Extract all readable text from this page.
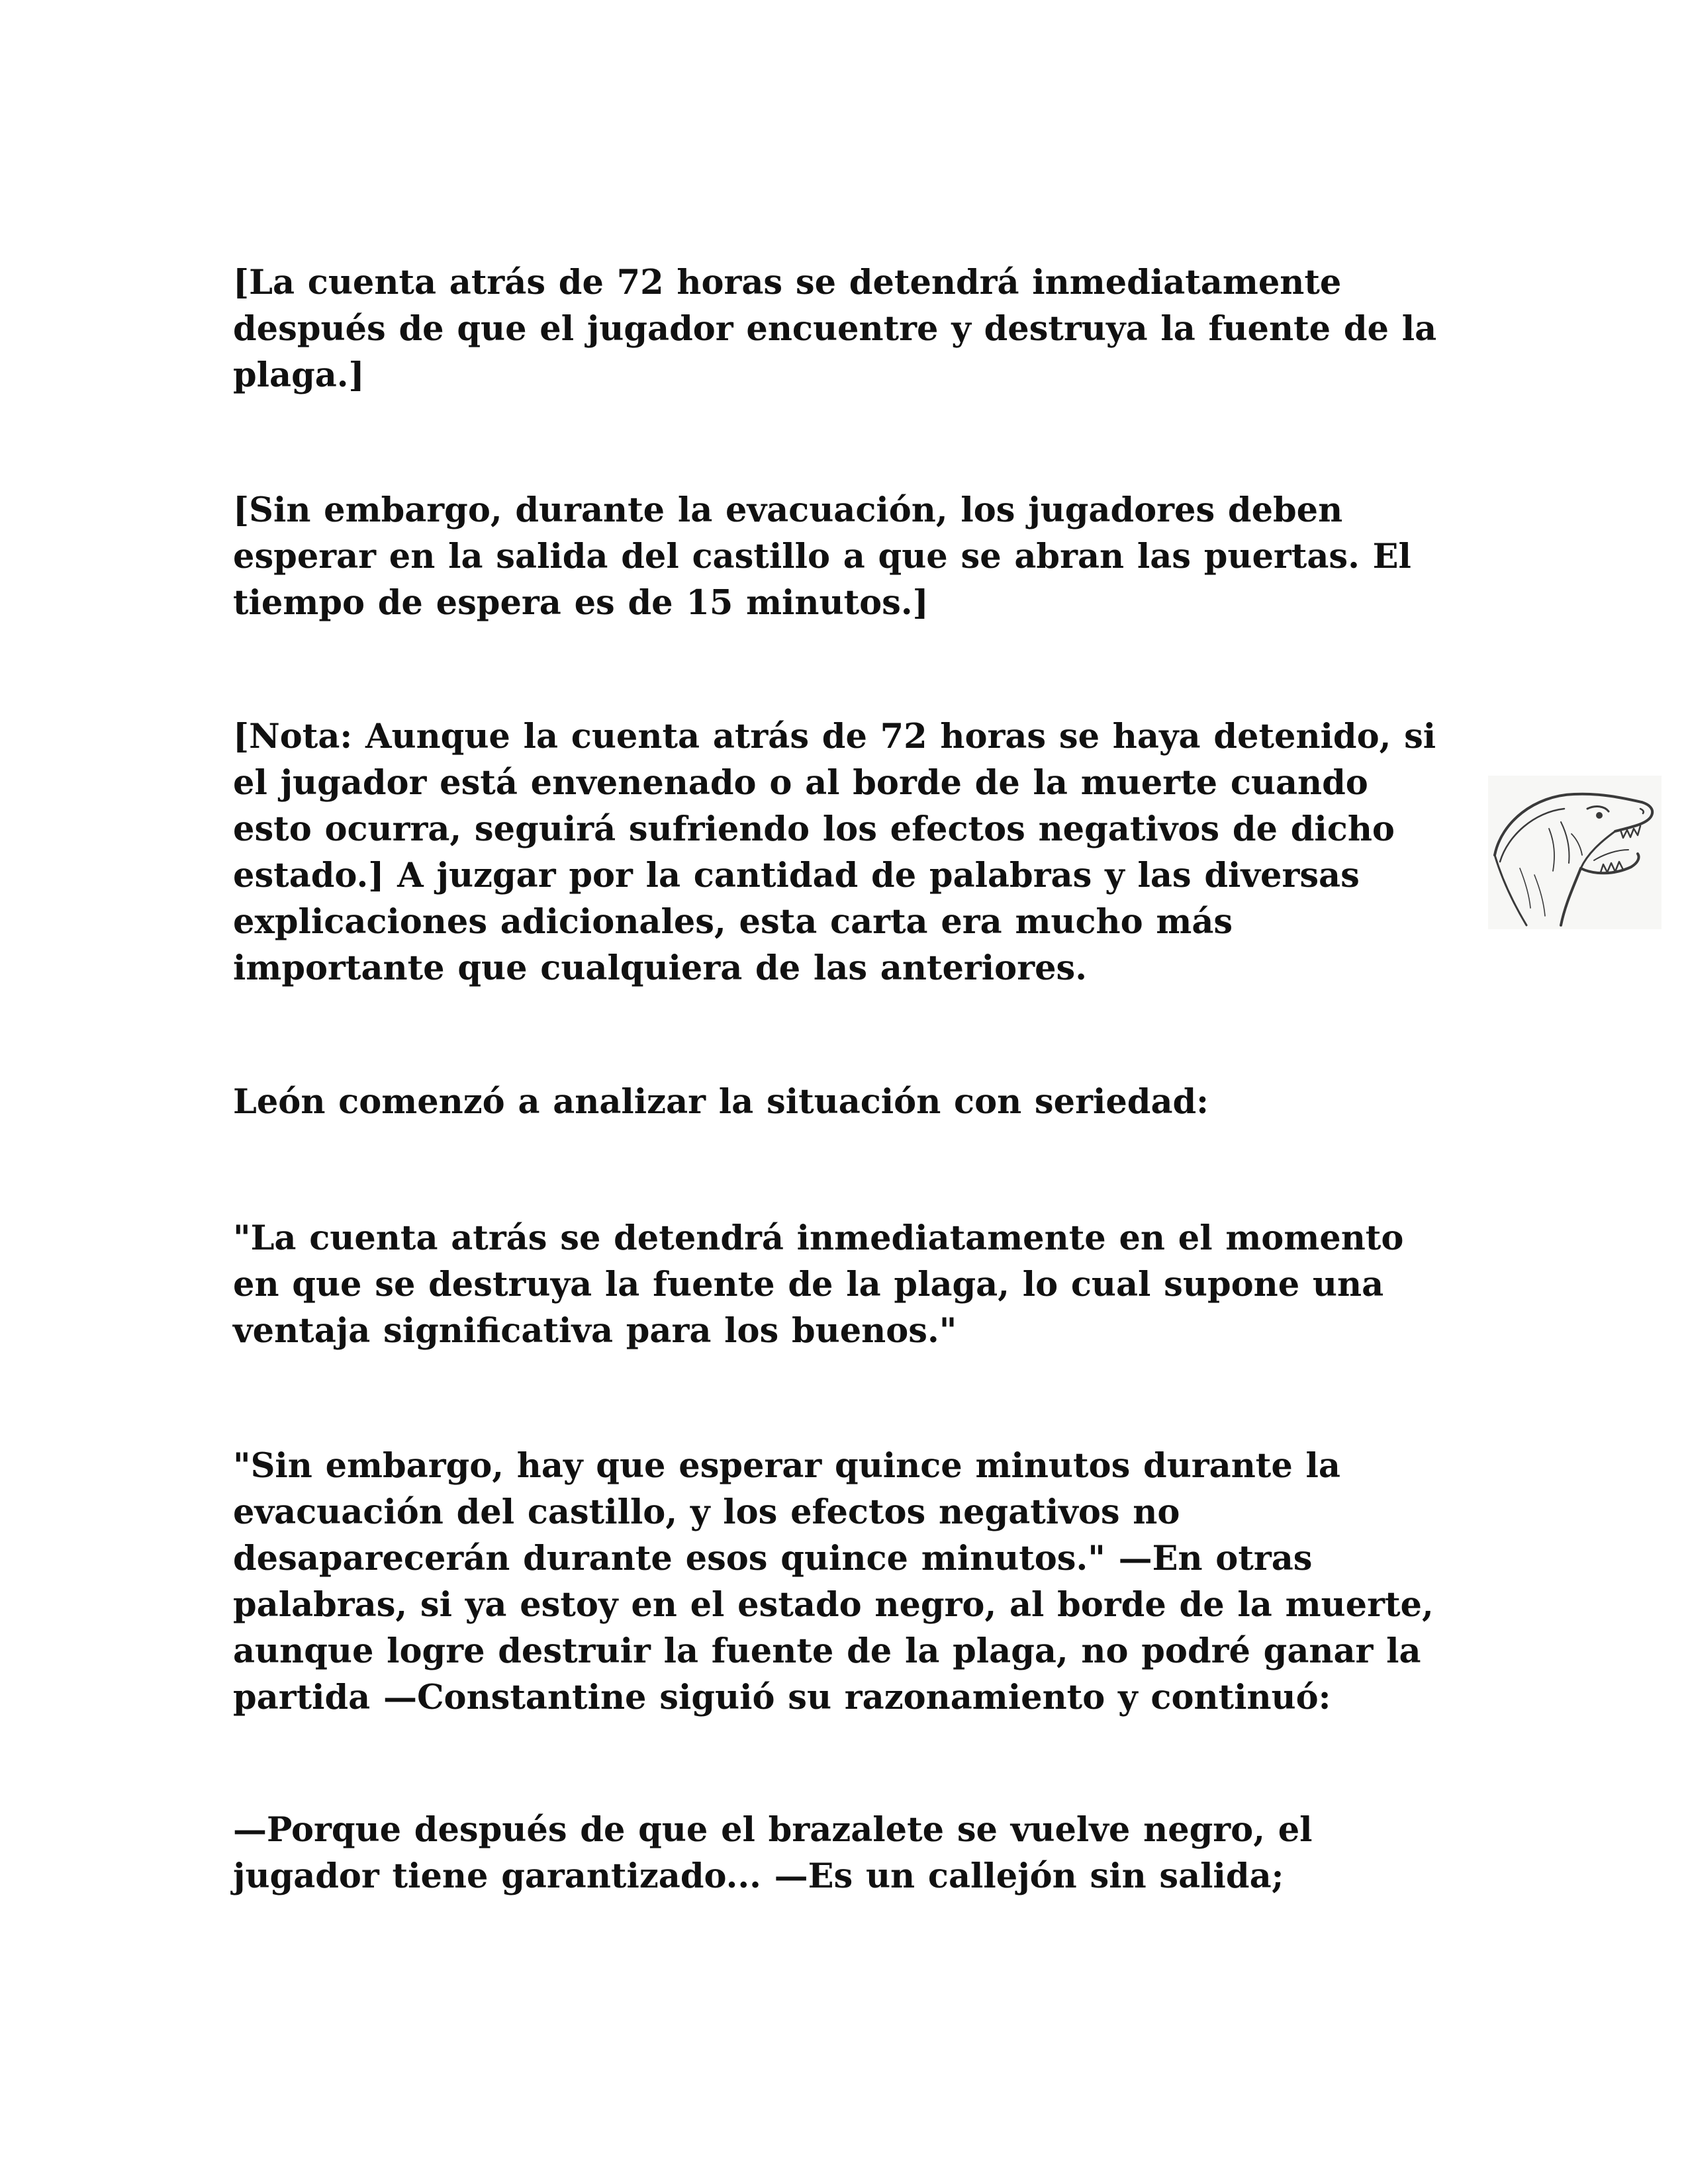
[La cuenta atrás de 72 horas se detendrá inmediatamente
después de que el jugador encuentre y destruya la fuente de la
plaga.]
[Sin embargo, durante la evacuación, los jugadores deben
esperar en la salida del castillo a que se abran las puertas. El
tiempo de espera es de 15 minutos.]
[Nota: Aunque la cuenta atrás de 72 horas se haya detenido, si
el jugador está envenenado o al borde de la muerte cuando
esto ocurra, seguirá sufriendo los efectos negativos de dicho
estado.] A juzgar por la cantidad de palabras y las diversas
explicaciones adicionales, esta carta era mucho más
importante que cualquiera de las anteriores.
León comenzó a analizar la situación con seriedad:
"La cuenta atrás se detendrá inmediatamente en el momento
en que se destruya la fuente de la plaga, lo cual supone una
ventaja significativa para los buenos."
"Sin embargo, hay que esperar quince minutos durante la
evacuación del castillo, y los efectos negativos no
desaparecerán durante esos quince minutos." —En otras
palabras, si ya estoy en el estado negro, al borde de la muerte,
aunque logre destruir la fuente de la plaga, no podré ganar la
partida —Constantine siguió su razonamiento y continuó:
—Porque después de que el brazalete se vuelve negro, el
jugador tiene garantizado... —Es un callejón sin salida;
